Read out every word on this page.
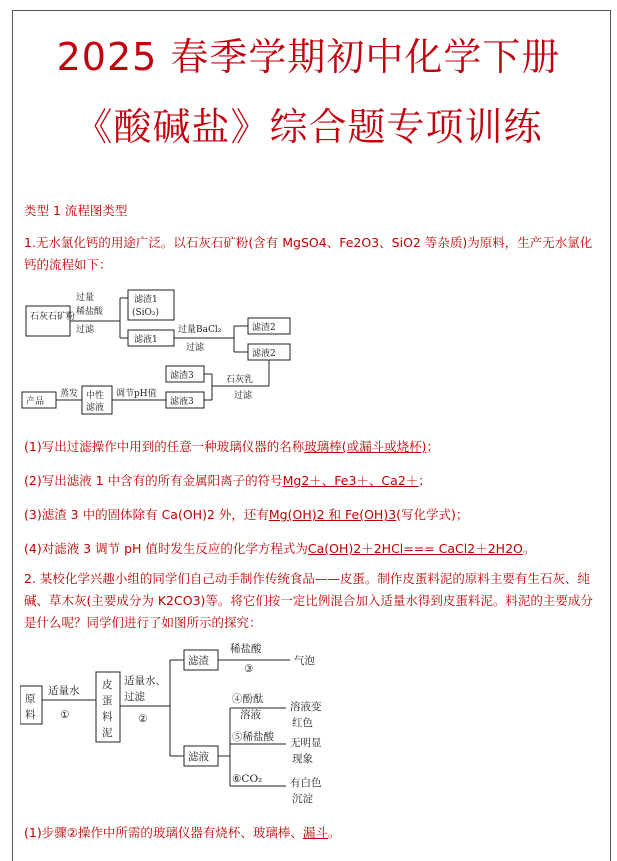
2025 春季学期初中化学下册
《酸碱盐》综合题专项训练
类型 1 流程图类型
1.无水氯化钙的用途广泛。以石灰石矿粉(含有 MgSO4、Fe2O3、SiO2 等杂质)为原料，生产无水氯化钙的流程如下：
石灰石矿粉
过量
稀盐酸
过滤
滤渣1
(SiO₂)
滤液1
过量BaCl₂
过滤
滤渣2
滤液2
石灰乳
过滤
滤渣3
滤液3
调节pH值
中性
滤液
蒸发
产品
(1)写出过滤操作中用到的任意一种玻璃仪器的名称玻璃棒(或漏斗或烧杯)；
(2)写出滤液 1 中含有的所有金属阳离子的符号Mg2＋、Fe3＋、Ca2＋；
(3)滤渣 3 中的固体除有 Ca(OH)2 外，还有Mg(OH)2 和 Fe(OH)3(写化学式)；
(4)对滤液 3 调节 pH 值时发生反应的化学方程式为Ca(OH)2＋2HCl=== CaCl2＋2H2O。
2. 某校化学兴趣小组的同学们自己动手制作传统食品——皮蛋。制作皮蛋料泥的原料主要有生石灰、纯碱、草木灰(主要成分为 K2CO3)等。将它们按一定比例混合加入适量水得到皮蛋料泥。料泥的主要成分是什么呢？同学们进行了如图所示的探究：
原
料
适量水
①
皮
蛋
料
泥
适量水、
过滤
②
滤渣
稀盐酸
③
气泡
滤液
④酚酞
溶液
溶液变
红色
⑤稀盐酸 无明显
现象
⑥CO₂	有白色
沉淀
(1)步骤②操作中所需的玻璃仪器有烧杯、玻璃棒、漏斗。
